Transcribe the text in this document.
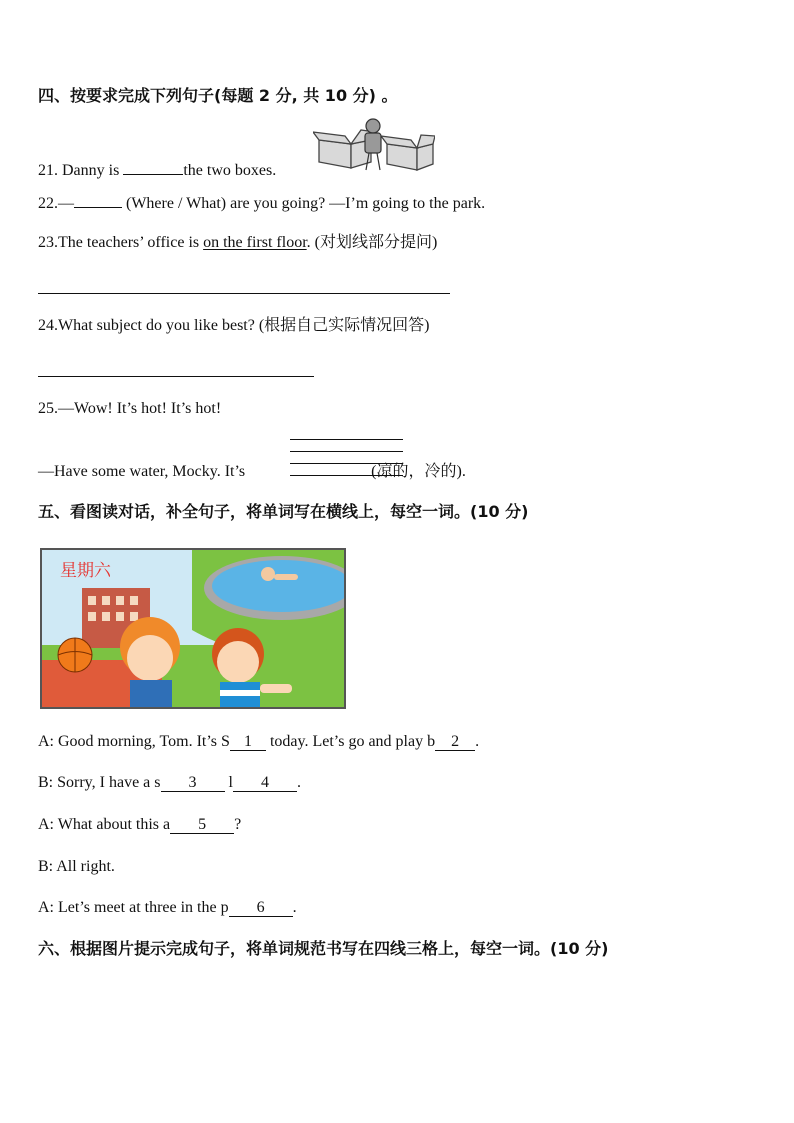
四、按要求完成下列句子(每题 2 分, 共 10 分) 。
21. Danny is	the two boxes.
22.—	(Where / What) are you going? —I’m going to the park.
23.The teachers’ office is on the first floor. (对划线部分提问)
24.What subject do you like best? (根据自己实际情况回答)
25.—Wow! It’s hot! It’s hot!
—Have some water, Mocky. It’s	(凉的，冷的).
五、看图读对话，补全句子，将单词写在横线上，每空一词。(10 分)
星期六
A: Good morning, Tom. It’s S 1 today. Let’s go and play b 2 .
B: Sorry, I have a s 3 l 4 .
A: What about this a 5 ?
B: All right.
A: Let’s meet at three in the p 6 .
六、根据图片提示完成句子，将单词规范书写在四线三格上，每空一词。(10 分)
